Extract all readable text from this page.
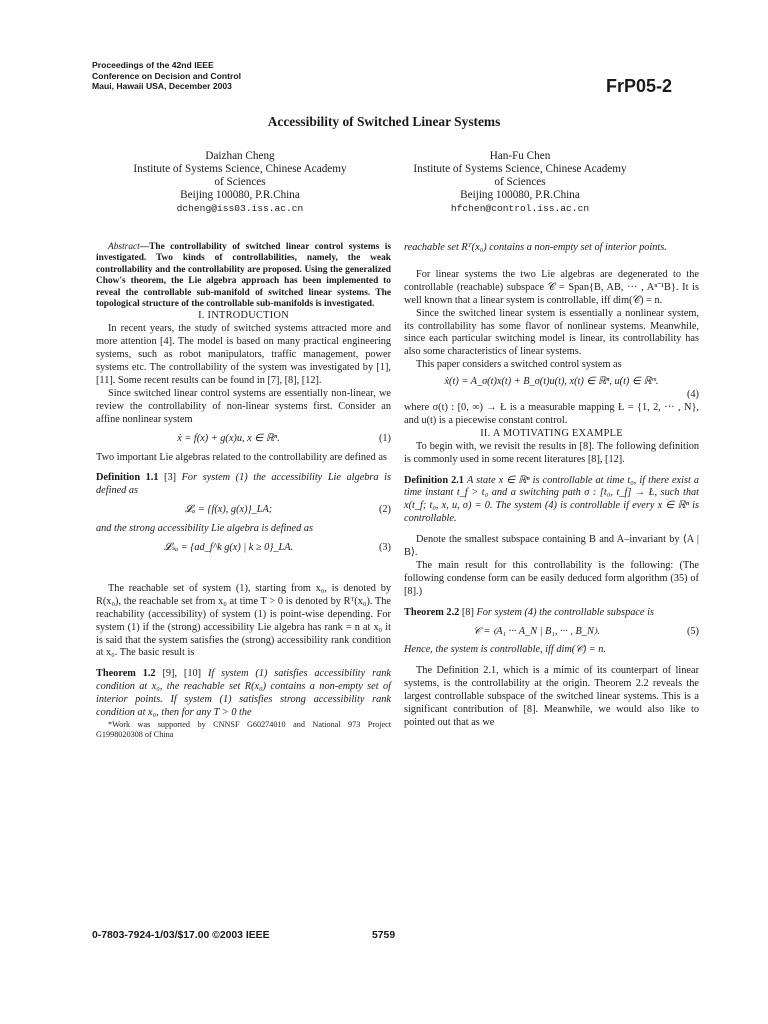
Proceedings of the 42nd IEEE
Conference on Decision and Control
Maui, Hawaii USA, December 2003	FrP05-2
Accessibility of Switched Linear Systems
Daizhan Cheng
Institute of Systems Science, Chinese Academy
of Sciences
Beijing 100080, P.R.China
dcheng@iss03.iss.ac.cn
Han-Fu Chen
Institute of Systems Science, Chinese Academy
of Sciences
Beijing 100080, P.R.China
hfchen@control.iss.ac.cn

Abstract—The controllability of switched linear control systems is investigated. Two kinds of controllabilities, namely, the weak controllability and the controllability are proposed. Using the generalized Chow's theorem, the Lie algebra approach has been implemented to reveal the controllable sub-manifold of switched linear systems. The topological structure of the controllable sub-manifolds is investigated.

I. INTRODUCTION

In recent years, the study of switched systems attracted more and more attention [4]. The model is based on many practical engineering systems, such as robot manipulators, traffic management, power systems etc. The controllability of the system was investigated by [1], [11]. Some recent results can be found in [7], [8], [12].

Since switched linear control systems are essentially non-linear, we review the controllability of non-linear systems first. Consider an affine nonlinear system

ẋ = f(x) + g(x)u, x ∈ ℝⁿ.	(1)

Two important Lie algebras related to the controllability are defined as

Definition 1.1 [3] For system (1) the accessibility Lie algebra is defined as

𝓛ₐ = {f(x), g(x)}_LA;	(2)

and the strong accessibility Lie algebra is defined as

𝓛ₛₐ = {ad_f^k g(x) | k ≥ 0}_LA.	(3)

The reachable set of system (1), starting from x₀, is denoted by R(x₀), the reachable set from x₀ at time T > 0 is denoted by Rᵀ(x₀). The reachability (accessibility) of system (1) is point-wise depending. For system (1) if the (strong) accessibility Lie algebra has rank = n at x₀ it is said that the system satisfies the (strong) accessibility rank condition at x₀. The basic result is

Theorem 1.2 [9], [10] If system (1) satisfies accessibility rank condition at x₀, the reachable set R(x₀) contains a non-empty set of interior points. If system (1) satisfies strong accessibility rank condition at x₀, then for any T > 0 the

*Work was supported by CNNSF G60274010 and National 973 Project G1998020308 of China

reachable set Rᵀ(x₀) contains a non-empty set of interior points.

For linear systems the two Lie algebras are degenerated to the controllable (reachable) subspace 𝒞 = Span{B, AB, ··· , Aⁿ⁻¹B}. It is well known that a linear system is controllable, iff dim(𝒞) = n.

Since the switched linear system is essentially a nonlinear system, its controllability has some flavor of nonlinear systems. Meanwhile, since each particular switching model is linear, its controllability has also some characteristics of linear systems.

This paper considers a switched control system as

ẋ(t) = A_σ(t)x(t) + B_σ(t)u(t), x(t) ∈ ℝⁿ, u(t) ∈ ℝᵐ.
(4)

where σ(t) : [0, ∞) → Ł is a measurable mapping Ł = {1, 2, ··· , N}, and u(t) is a piecewise constant control.

II. A MOTIVATING EXAMPLE

To begin with, we revisit the results in [8]. The following definition is commonly used in some recent literatures [8], [12].

Definition 2.1 A state x ∈ ℝⁿ is controllable at time t₀, if there exist a time instant t_f > t₀ and a switching path σ : [t₀, t_f] → Ł, such that x(t_f; t₀, x, u, σ) = 0. The system (4) is controllable if every x ∈ ℝⁿ is controllable.

Denote the smallest subspace containing B and A–invariant by ⟨A | B⟩.

The main result for this controllability is the following: (The following condense form can be easily deduced form algorithm (35) of [8].)

Theorem 2.2 [8] For system (4) the controllable subspace is

𝒞 = ⟨A₁ ··· A_N | B₁, ··· , B_N⟩.	(5)

Hence, the system is controllable, iff dim(𝒞) = n.

The Definition 2.1, which is a mimic of its counterpart of linear systems, is the controllability at the origin. Theorem 2.2 reveals the largest controllable subspace of the switched linear systems. This is a significant contribution of [8]. Meanwhile, we would also like to pointed out that as we

0-7803-7924-1/03/$17.00 ©2003 IEEE	5759
